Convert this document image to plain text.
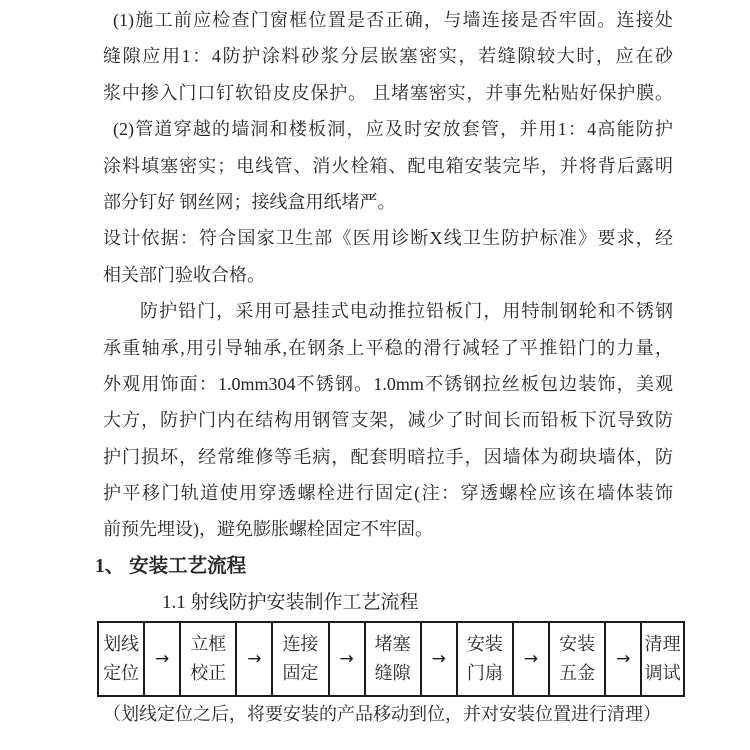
(1)施工前应检查门窗框位置是否正确，与墙连接是否牢固。连接处
缝隙应用1：4防护涂料砂浆分层嵌塞密实，若缝隙较大时，应在砂
浆中掺入门口钉软铅皮皮保护。 且堵塞密实，并事先粘贴好保护膜。
(2)管道穿越的墙洞和楼板洞，应及时安放套管，并用1：4高能防护
涂料填塞密实；电线管、消火栓箱、配电箱安装完毕，并将背后露明
部分钉好 钢丝网；接线盒用纸堵严。
设计依据：符合国家卫生部《医用诊断X线卫生防护标准》要求，经
相关部门验收合格。
防护铅门，采用可悬挂式电动推拉铅板门，用特制钢轮和不锈钢
承重轴承,用引导轴承,在钢条上平稳的滑行减轻了平推铅门的力量，
外观用饰面：1.0mm304不锈钢。1.0mm不锈钢拉丝板包边装饰，美观
大方，防护门内在结构用钢管支架，减少了时间长而铅板下沉导致防
护门损坏，经常维修等毛病，配套明暗拉手，因墙体为砌块墙体，防
护平移门轨道使用穿透螺栓进行固定(注：穿透螺栓应该在墙体装饰
前预先埋设)，避免膨胀螺栓固定不牢固。
1、 安装工艺流程
1.1 射线防护安装制作工艺流程
划线
定位
→
立框
校正
→
连接
固定
→
堵塞
缝隙
→
安装
门扇
→
安装
五金
→
清理
调试
（划线定位之后，将要安装的产品移动到位，并对安装位置进行清理）
